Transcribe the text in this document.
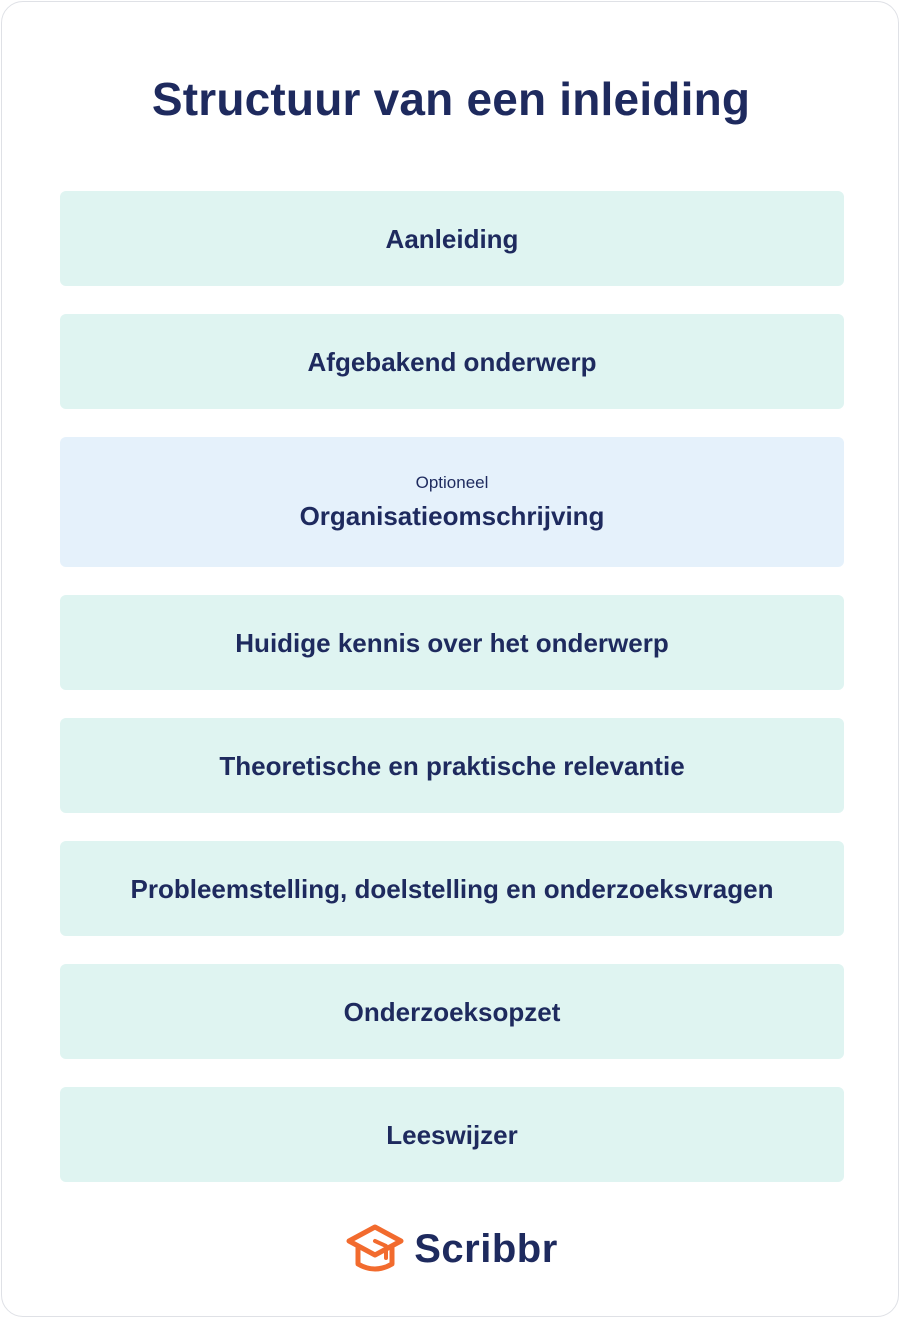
Structuur van een inleiding
Aanleiding
Afgebakend onderwerp
Optioneel
Organisatieomschrijving
Huidige kennis over het onderwerp
Theoretische en praktische relevantie
Probleemstelling, doelstelling en onderzoeksvragen
Onderzoeksopzet
Leeswijzer
Scribbr
